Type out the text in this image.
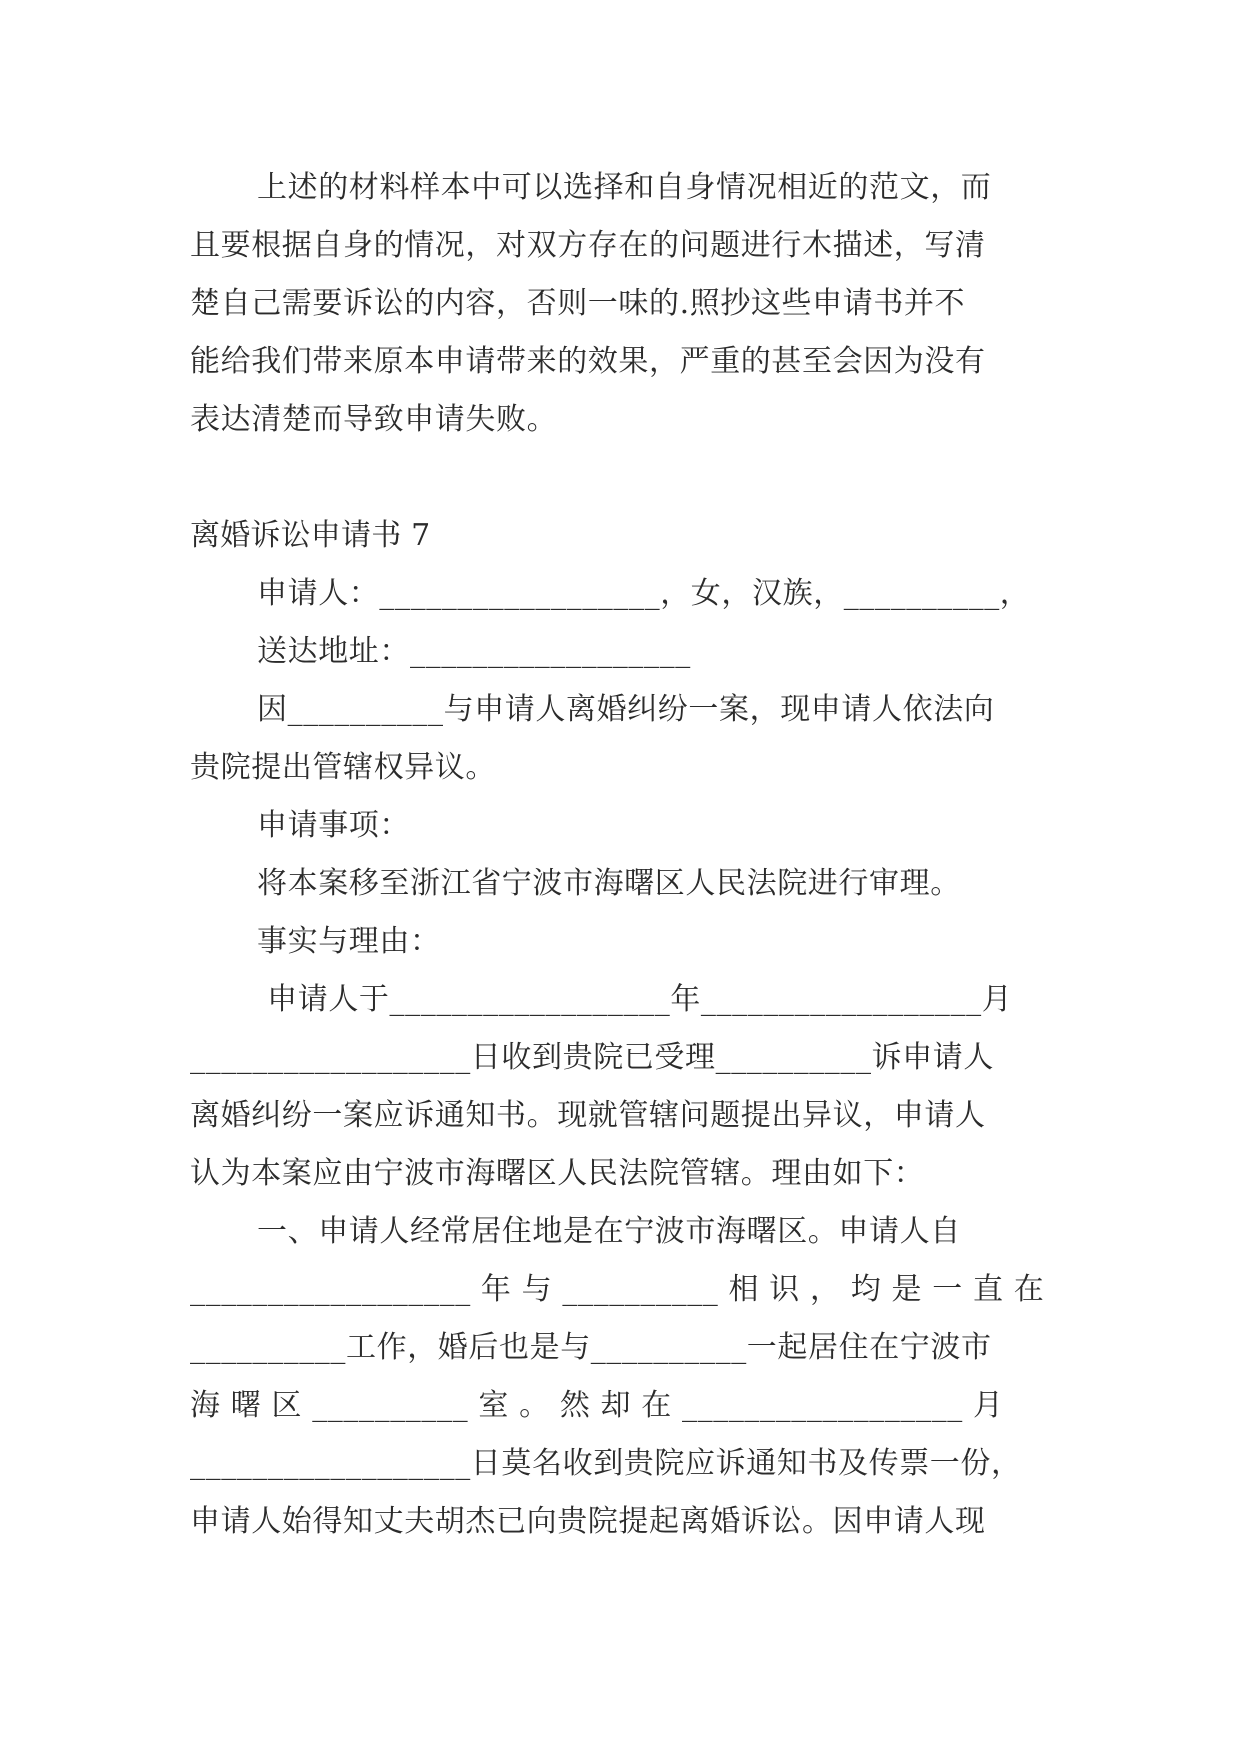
上述的材料样本中可以选择和自身情况相近的范文，而
且要根据自身的情况，对双方存在的问题进行木描述，写清
楚自己需要诉讼的内容，否则一味的.照抄这些申请书并不
能给我们带来原本申请带来的效果，严重的甚至会因为没有
表达清楚而导致申请失败。
离婚诉讼申请书 7
申请人：__________________，女，汉族，__________，
送达地址：__________________
因__________与申请人离婚纠纷一案，现申请人依法向
贵院提出管辖权异议。
申请事项：
将本案移至浙江省宁波市海曙区人民法院进行审理。
事实与理由：
申请人于__________________年__________________月
__________________日收到贵院已受理__________诉申请人
离婚纠纷一案应诉通知书。现就管辖问题提出异议，申请人
认为本案应由宁波市海曙区人民法院管辖。理由如下：
一、申请人经常居住地是在宁波市海曙区。申请人自
__________________ 年 与 __________ 相 识 ， 均 是 一 直 在
__________工作，婚后也是与__________一起居住在宁波市
海 曙 区 __________ 室 。 然 却 在 __________________ 月
__________________日莫名收到贵院应诉通知书及传票一份，
申请人始得知丈夫胡杰已向贵院提起离婚诉讼。因申请人现
